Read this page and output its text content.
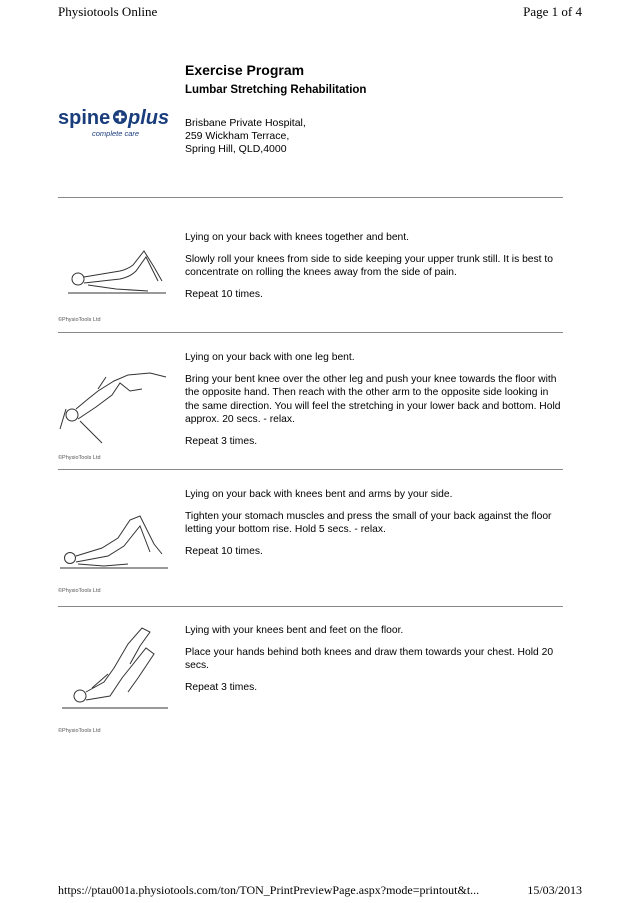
Physiotools Online	Page 1 of 4
spine plus
complete care
Exercise Program
Lumbar Stretching Rehabilitation
Brisbane Private Hospital,
259 Wickham Terrace,
Spring Hill, QLD,4000
©PhysioTools Ltd

Lying on your back with knees together and bent.

Slowly roll your knees from side to side keeping your upper trunk still. It is best to concentrate on rolling the knees away from the side of pain.

Repeat 10 times.

©PhysioTools Ltd

Lying on your back with one leg bent.

Bring your bent knee over the other leg and push your knee towards the floor with the opposite hand. Then reach with the other arm to the opposite side looking in the same direction. You will feel the stretching in your lower back and bottom. Hold approx. 20 secs. - relax.

Repeat 3 times.

©PhysioTools Ltd

Lying on your back with knees bent and arms by your side.

Tighten your stomach muscles and press the small of your back against the floor letting your bottom rise. Hold 5 secs. - relax.

Repeat 10 times.

©PhysioTools Ltd

Lying with your knees bent and feet on the floor.

Place your hands behind both knees and draw them towards your chest. Hold 20 secs.

Repeat 3 times.

https://ptau001a.physiotools.com/ton/TON_PrintPreviewPage.aspx?mode=printout&t...	15/03/2013
